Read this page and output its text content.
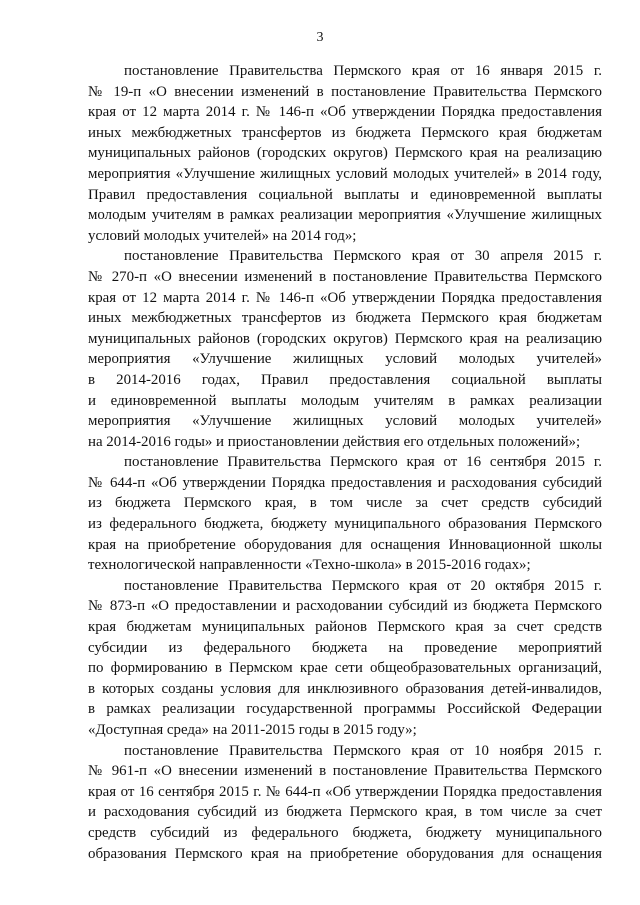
3
постановление Правительства Пермского края от 16 января 2015 г.
№ 19-п «О внесении изменений в постановление Правительства Пермского
края от 12 марта 2014 г. № 146-п «Об утверждении Порядка предоставления
иных межбюджетных трансфертов из бюджета Пермского края бюджетам
муниципальных районов (городских округов) Пермского края на реализацию
мероприятия «Улучшение жилищных условий молодых учителей» в 2014 году,
Правил предоставления социальной выплаты и единовременной выплаты
молодым учителям в рамках реализации мероприятия «Улучшение жилищных
условий молодых учителей» на 2014 год»;
постановление Правительства Пермского края от 30 апреля 2015 г.
№ 270-п «О внесении изменений в постановление Правительства Пермского
края от 12 марта 2014 г. № 146-п «Об утверждении Порядка предоставления
иных межбюджетных трансфертов из бюджета Пермского края бюджетам
муниципальных районов (городских округов) Пермского края на реализацию
мероприятия «Улучшение жилищных условий молодых учителей»
в 2014-2016 годах, Правил предоставления социальной выплаты
и единовременной выплаты молодым учителям в рамках реализации
мероприятия «Улучшение жилищных условий молодых учителей»
на 2014-2016 годы» и приостановлении действия его отдельных положений»;
постановление Правительства Пермского края от 16 сентября 2015 г.
№ 644-п «Об утверждении Порядка предоставления и расходования субсидий
из бюджета Пермского края, в том числе за счет средств субсидий
из федерального бюджета, бюджету муниципального образования Пермского
края на приобретение оборудования для оснащения Инновационной школы
технологической направленности «Техно-школа» в 2015-2016 годах»;
постановление Правительства Пермского края от 20 октября 2015 г.
№ 873-п «О предоставлении и расходовании субсидий из бюджета Пермского
края бюджетам муниципальных районов Пермского края за счет средств
субсидии из федерального бюджета на проведение мероприятий
по формированию в Пермском крае сети общеобразовательных организаций,
в которых созданы условия для инклюзивного образования детей-инвалидов,
в рамках реализации государственной программы Российской Федерации
«Доступная среда» на 2011-2015 годы в 2015 году»;
постановление Правительства Пермского края от 10 ноября 2015 г.
№ 961-п «О внесении изменений в постановление Правительства Пермского
края от 16 сентября 2015 г. № 644-п «Об утверждении Порядка предоставления
и расходования субсидий из бюджета Пермского края, в том числе за счет
средств субсидий из федерального бюджета, бюджету муниципального
образования Пермского края на приобретение оборудования для оснащения
